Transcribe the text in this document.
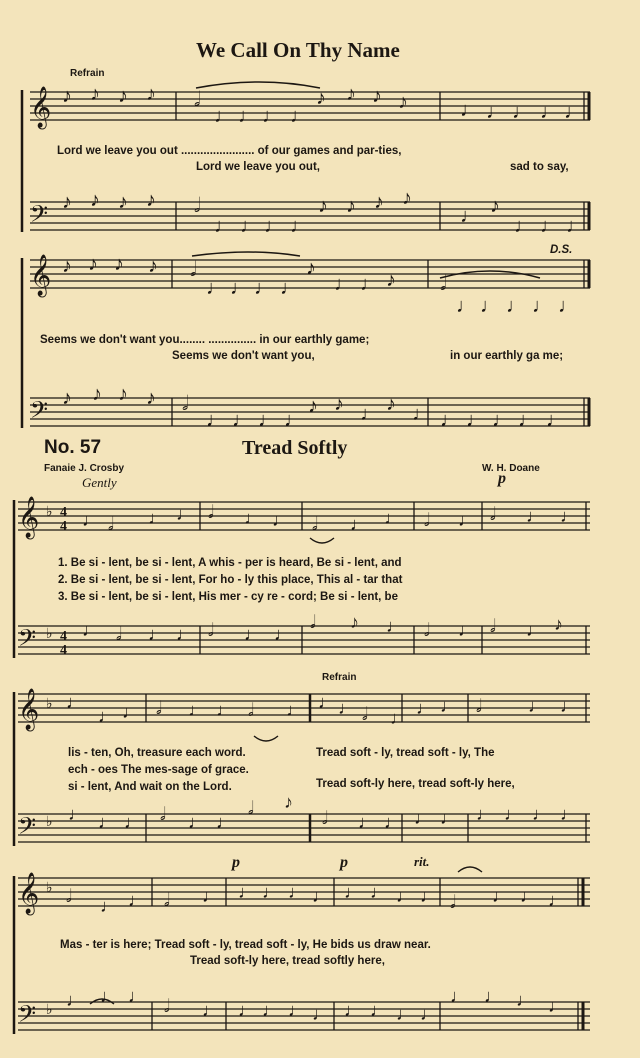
We Call On Thy Name
𝄞
𝄢
♪ ♪ ♪ ♪ 𝅗𝅥
♩ ♩ ♩ ♩
♪ ♪ ♪ ♪	♩ ♩ ♩ ♩ ♩
♪ ♪ ♪ ♪ 𝅗𝅥
♩ ♩ ♩ ♩
♪ ♪ ♪ ♪
♩ ♪
♩ ♩ ♩
Refrain
Lord we leave you out ....................... of our games and par-ties,
Lord we leave you out,	sad to say,
D.S.
𝄞
𝄢
♪ ♪ ♪ ♪ 𝅗𝅥
♩ ♩ ♩ ♩
♪
♩ ♩ ♪ 𝅗𝅥
♩ ♩ ♩ ♩ ♩
♪ ♪ ♪ ♪ 𝅗𝅥
♩ ♩ ♩ ♩
♪ ♪ ♩ ♪ ♩ ♩ ♩ ♩ ♩ ♩
Seems we don't want you........ ............... in our earthly game;
Seems we don't want you,	in our earthly ga me;
No. 57	Tread Softly
Fanaie J. Crosby	W. H. Doane
Gently	p
𝄞
𝄢
♭
♭
4
4
4
4
♩ 𝅗𝅥 ♩ ♩ 𝅗𝅥 ♩ ♩ 𝅗𝅥 ♩ ♩ 𝅗𝅥 ♩ 𝅗𝅥 ♩ ♩
♩ 𝅗𝅥 ♩ ♩ 𝅗𝅥 ♩ ♩
𝅗𝅥 ♪ ♩ 𝅗𝅥 ♩ 𝅗𝅥 ♩ ♪
1. Be si - lent, be si - lent, A whis - per is heard, Be si - lent, and
2. Be si - lent, be si - lent, For ho - ly this place, This al - tar that
3. Be si - lent, be si - lent, His mer - cy re - cord; Be si - lent, be
𝄞
𝄢
♭
♭
♩
♩ ♩ 𝅗𝅥 ♩ ♩ 𝅗𝅥 ♩ ♩ ♩ 𝅗𝅥 ♩ ♩ ♩ 𝅗𝅥	♩ ♩
♩ ♩ ♩ 𝅗𝅥 ♩ ♩
𝅗𝅥 ♪
𝅗𝅥 ♩ ♩ ♩ ♩ ♩ ♩ ♩ ♩
Refrain
lis - ten, Oh, treasure each word.
ech - oes The mes-sage of grace.
si - lent, And wait on the Lord.
Tread soft - ly, tread soft - ly, The
Tread soft-ly here, tread soft-ly here,
𝄞
𝄢
♭
♭
𝅗𝅥 ♩ ♩ 𝅗𝅥 ♩ ♩ ♩ ♩ ♩ ♩ ♩ ♩ ♩ 𝅗𝅥 ♩ ♩ ♩
♩ ♩ ♩ 𝅗𝅥 ♩ ♩ ♩ ♩ ♩ ♩ ♩ ♩ ♩
♩ ♩ ♩ ♩
p	p	rit.
Mas - ter is here; Tread soft - ly, tread soft - ly, He bids us draw near.
Tread soft-ly here, tread softly here,
